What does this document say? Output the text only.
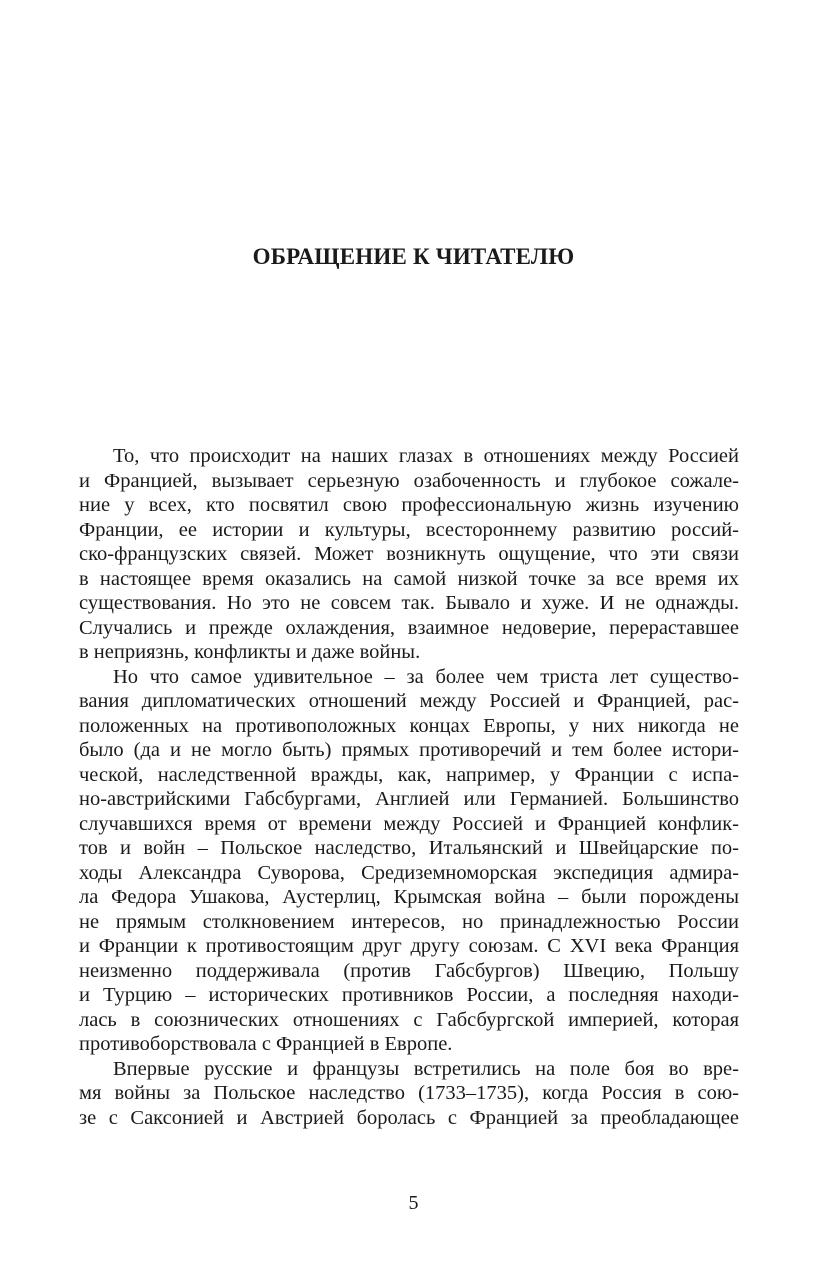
ОБРАЩЕНИЕ К ЧИТАТЕЛЮ
То, что происходит на наших глазах в отношениях между Россией
и Францией, вызывает серьезную озабоченность и глубокое сожале-
ние у всех, кто посвятил свою профессиональную жизнь изучению
Франции, ее истории и культуры, всестороннему развитию россий-
ско-французских связей. Может возникнуть ощущение, что эти связи
в настоящее время оказались на самой низкой точке за все время их
существования. Но это не совсем так. Бывало и хуже. И не однажды.
Случались и прежде охлаждения, взаимное недоверие, перераставшее
в неприязнь, конфликты и даже войны.
Но что самое удивительное – за более чем триста лет существо-
вания дипломатических отношений между Россией и Францией, рас-
положенных на противоположных концах Европы, у них никогда не
было (да и не могло быть) прямых противоречий и тем более истори-
ческой, наследственной вражды, как, например, у Франции с испа-
но-австрийскими Габсбургами, Англией или Германией. Большинство
случавшихся время от времени между Россией и Францией конфлик-
тов и войн – Польское наследство, Итальянский и Швейцарские по-
ходы Александра Суворова, Средиземноморская экспедиция адмира-
ла Федора Ушакова, Аустерлиц, Крымская война – были порождены
не прямым столкновением интересов, но принадлежностью России
и Франции к противостоящим друг другу союзам. С XVI века Франция
неизменно поддерживала (против Габсбургов) Швецию, Польшу
и Турцию – исторических противников России, а последняя находи-
лась в союзнических отношениях с Габсбургской империей, которая
противоборствовала с Францией в Европе.
Впервые русские и французы встретились на поле боя во вре-
мя войны за Польское наследство (1733–1735), когда Россия в сою-
зе с Саксонией и Австрией боролась с Францией за преобладающее
5
